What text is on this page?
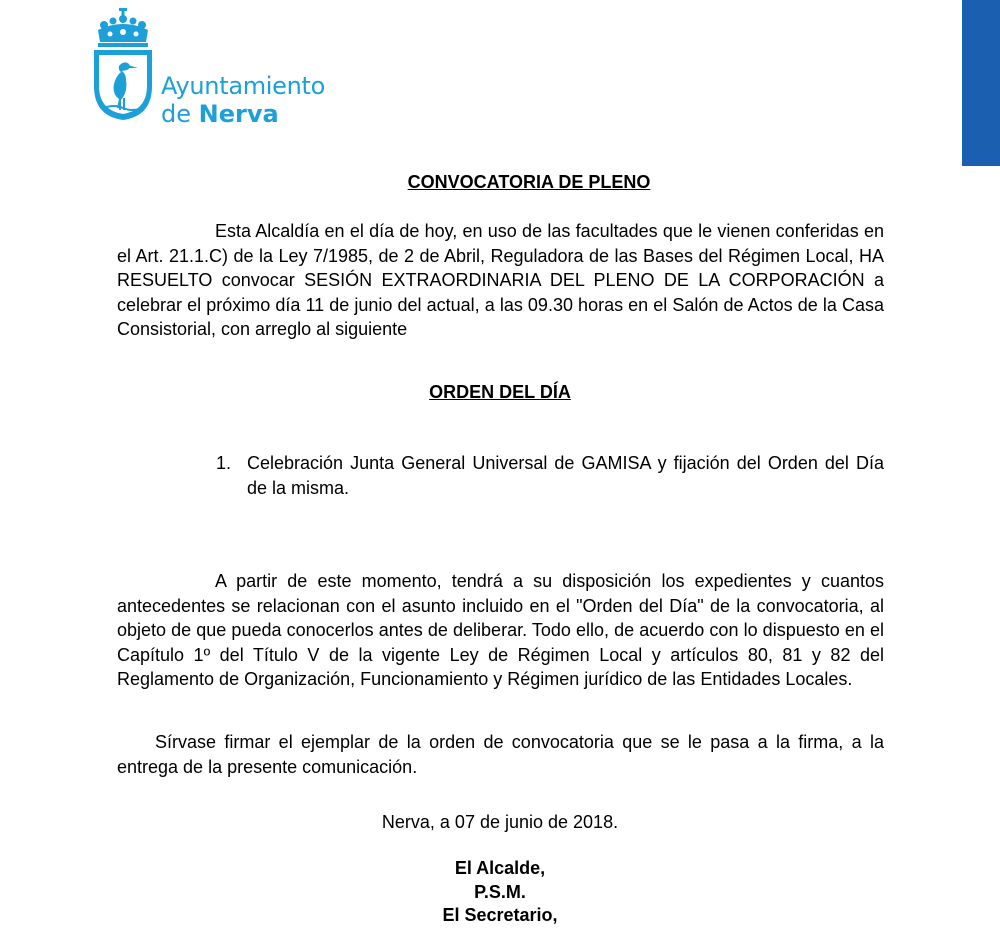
Ayuntamiento
de Nerva
CONVOCATORIA DE PLENO
Esta Alcaldía en el día de hoy, en uso de las facultades que le vienen conferidas en el Art. 21.1.C) de la Ley 7/1985, de 2 de Abril, Reguladora de las Bases del Régimen Local, HA RESUELTO convocar SESIÓN EXTRAORDINARIA DEL PLENO DE LA CORPORACIÓN a celebrar el próximo día 11 de junio del actual, a las 09.30 horas en el Salón de Actos de la Casa Consistorial, con arreglo al siguiente
ORDEN DEL DÍA
1. Celebración Junta General Universal de GAMISA y fijación del Orden del Día de la misma.
A partir de este momento, tendrá a su disposición los expedientes y cuantos antecedentes se relacionan con el asunto incluido en el "Orden del Día" de la convocatoria, al objeto de que pueda conocerlos antes de deliberar. Todo ello, de acuerdo con lo dispuesto en el Capítulo 1º del Título V de la vigente Ley de Régimen Local y artículos 80, 81 y 82 del Reglamento de Organización, Funcionamiento y Régimen jurídico de las Entidades Locales.
Sírvase firmar el ejemplar de la orden de convocatoria que se le pasa a la firma, a la entrega de la presente comunicación.
Nerva, a 07 de junio de 2018.
El Alcalde,
P.S.M.
El Secretario,
